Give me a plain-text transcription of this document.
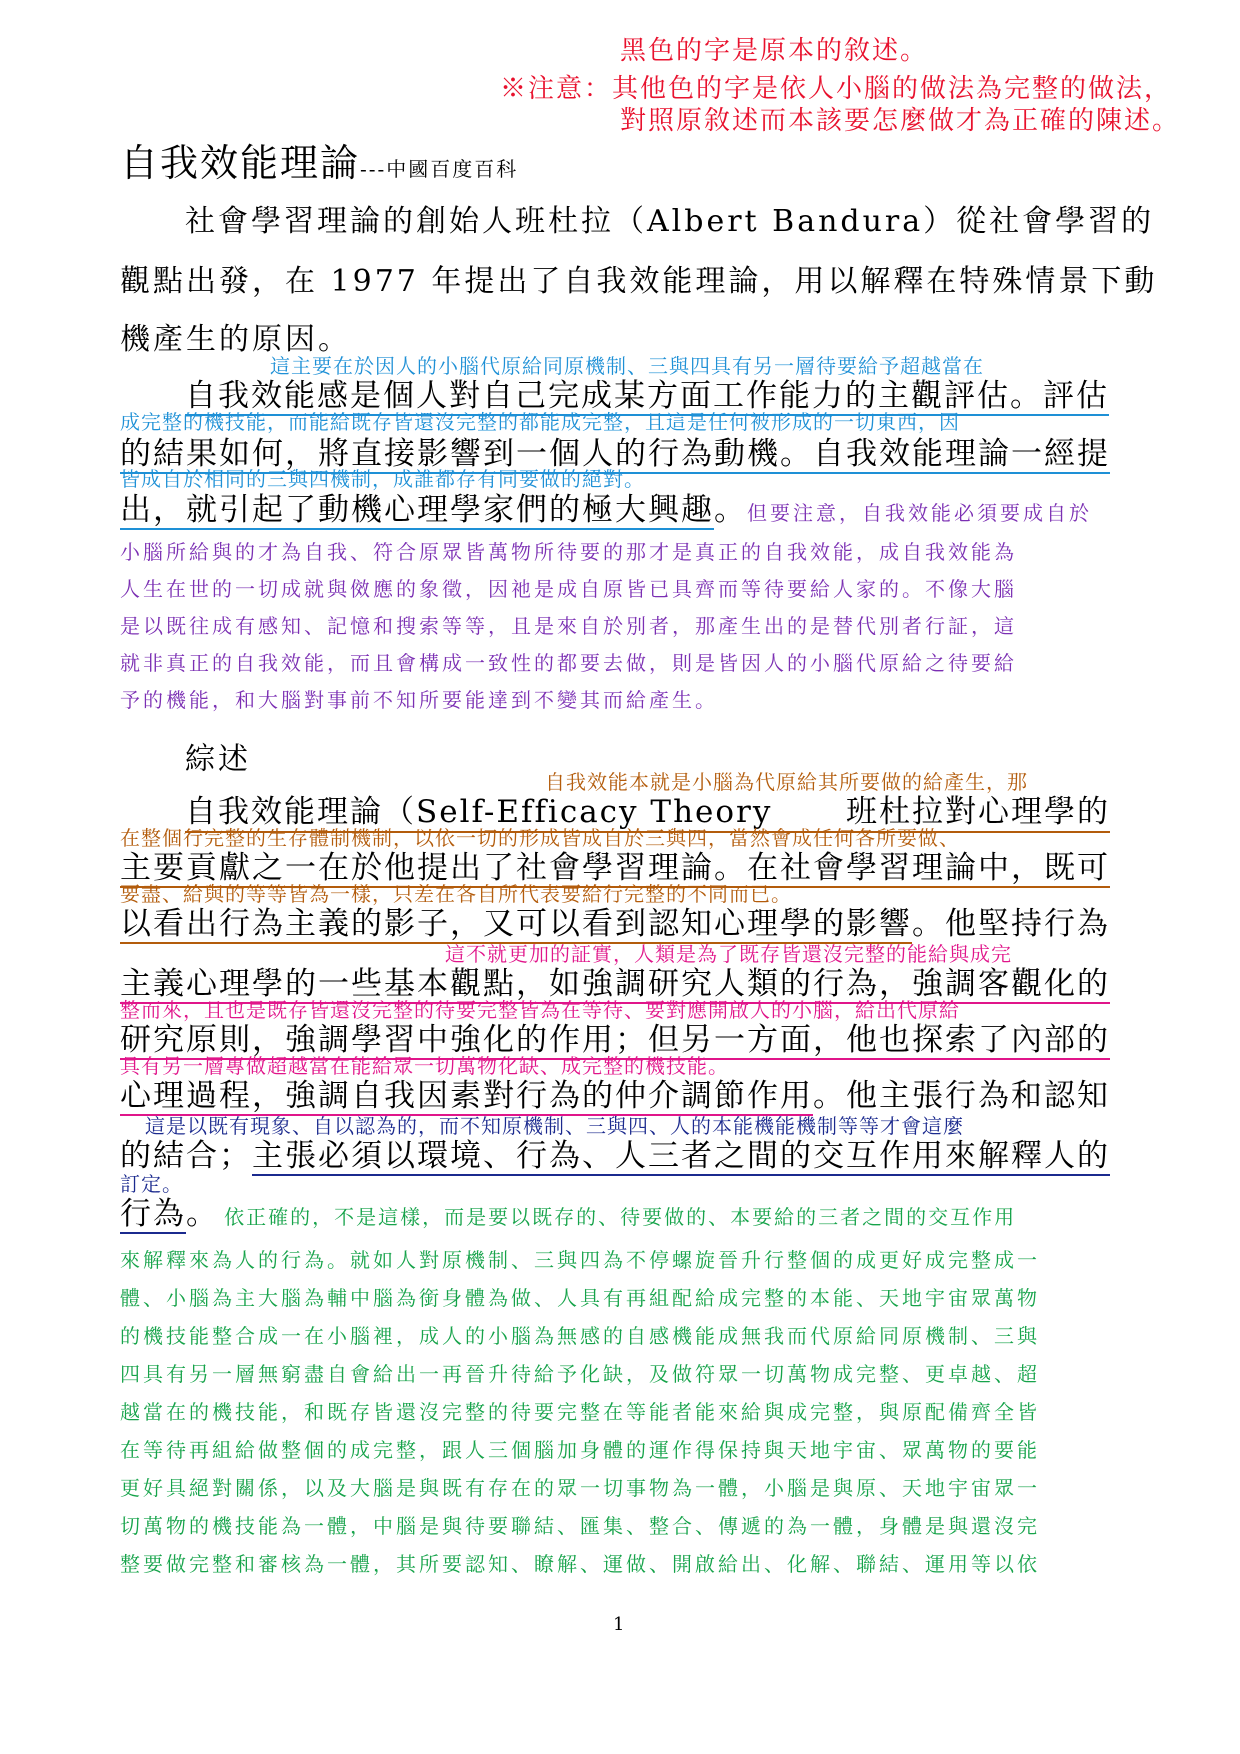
黑色的字是原本的敘述。
※注意：其他色的字是依人小腦的做法為完整的做法，
對照原敘述而本該要怎麼做才為正確的陳述。
自我效能理論---中國百度百科
社會學習理論的創始人班杜拉（Albert Bandura）從社會學習的
觀點出發，在 1977 年提出了自我效能理論，用以解釋在特殊情景下動
機產生的原因。
這主要在於因人的小腦代原給同原機制、三與四具有另一層待要給予超越當在
自我效能感是個人對自己完成某方面工作能力的主觀評估。評估
成完整的機技能，而能給既存皆還沒完整的都能成完整，且這是任何被形成的一切東西，因
的結果如何，將直接影響到一個人的行為動機。自我效能理論一經提
皆成自於相同的三與四機制，成誰都存有同要做的絕對。
出，就引起了動機心理學家們的極大興趣。但要注意，自我效能必須要成自於
小腦所給與的才為自我、符合原眾皆萬物所待要的那才是真正的自我效能，成自我效能為
人生在世的一切成就與傚應的象徵，因祂是成自原皆已具齊而等待要給人家的。不像大腦
是以既往成有感知、記憶和搜索等等，且是來自於別者，那產生出的是替代別者行証，這
就非真正的自我效能，而且會構成一致性的都要去做，則是皆因人的小腦代原給之待要給
予的機能，和大腦對事前不知所要能達到不變其而給產生。
綜述
自我效能本就是小腦為代原給其所要做的給產生，那
自我效能理論（Self-Efficacy Theory 班杜拉對心理學的
在整個行完整的生存體制機制，以依一切的形成皆成自於三與四，當然會成任何各所要做、
主要貢獻之一在於他提出了社會學習理論。在社會學習理論中，既可
要盡、給與的等等皆為一樣，只差在各自所代表要給行完整的不同而已。
以看出行為主義的影子，又可以看到認知心理學的影響。他堅持行為
這不就更加的証實，人類是為了既存皆還沒完整的能給與成完
主義心理學的一些基本觀點，如強調研究人類的行為，強調客觀化的
整而來，且也是既存皆還沒完整的待要完整皆為在等待、要對應開啟人的小腦，給出代原給
研究原則，強調學習中強化的作用；但另一方面，他也探索了內部的
具有另一層專做超越當在能給眾一切萬物化缺、成完整的機技能。
心理過程，強調自我因素對行為的仲介調節作用。他主張行為和認知
這是以既有現象、自以認為的，而不知原機制、三與四、人的本能機能機制等等才會這麼
的結合；主張必須以環境、行為、人三者之間的交互作用來解釋人的
訂定。
行為。 依正確的，不是這樣，而是要以既存的、待要做的、本要給的三者之間的交互作用
來解釋來為人的行為。就如人對原機制、三與四為不停螺旋晉升行整個的成更好成完整成一
體、小腦為主大腦為輔中腦為銜身體為做、人具有再組配給成完整的本能、天地宇宙眾萬物
的機技能整合成一在小腦裡，成人的小腦為無感的自感機能成無我而代原給同原機制、三與
四具有另一層無窮盡自會給出一再晉升待給予化缺，及做符眾一切萬物成完整、更卓越、超
越當在的機技能，和既存皆還沒完整的待要完整在等能者能來給與成完整，與原配備齊全皆
在等待再組給做整個的成完整，跟人三個腦加身體的運作得保持與天地宇宙、眾萬物的要能
更好具絕對關係，以及大腦是與既有存在的眾一切事物為一體，小腦是與原、天地宇宙眾一
切萬物的機技能為一體，中腦是與待要聯結、匯集、整合、傳遞的為一體，身體是與還沒完
整要做完整和審核為一體，其所要認知、瞭解、運做、開啟給出、化解、聯結、運用等以依
1
